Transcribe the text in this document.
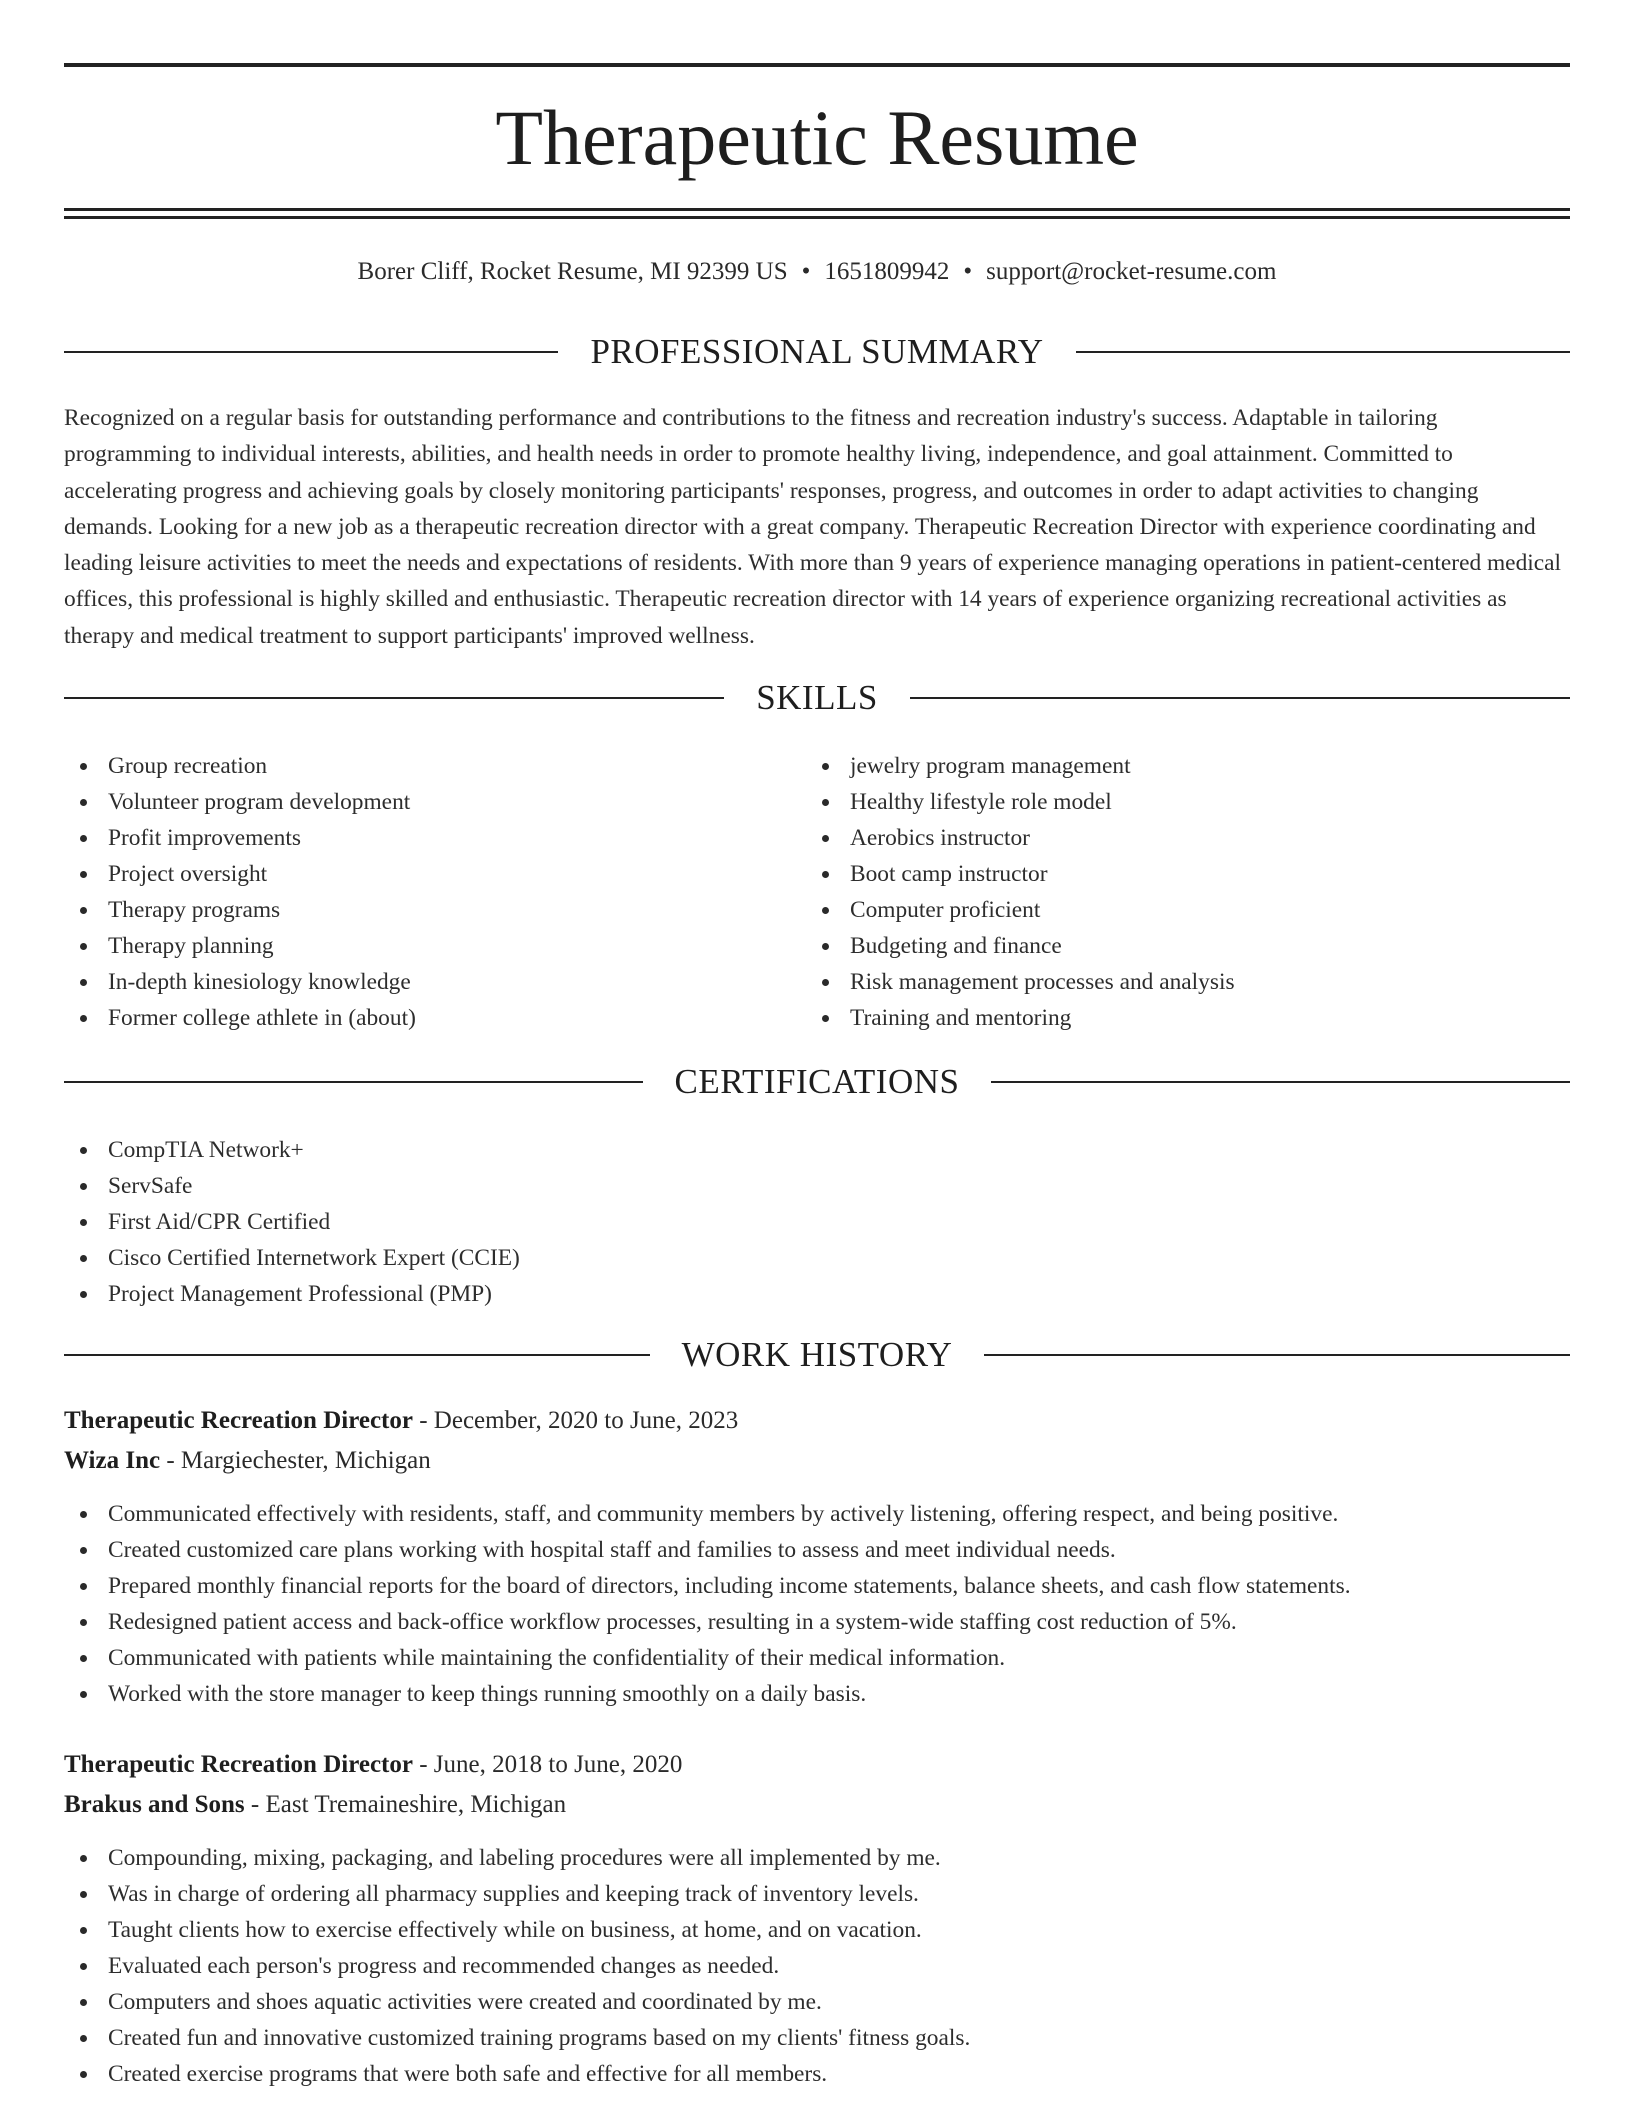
Therapeutic Resume
Borer Cliff, Rocket Resume, MI 92399 US • 1651809942 • support@rocket-resume.com
PROFESSIONAL SUMMARY

Recognized on a regular basis for outstanding performance and contributions to the fitness and recreation industry's success. Adaptable in tailoring programming to individual interests, abilities, and health needs in order to promote healthy living, independence, and goal attainment. Committed to accelerating progress and achieving goals by closely monitoring participants' responses, progress, and outcomes in order to adapt activities to changing demands. Looking for a new job as a therapeutic recreation director with a great company. Therapeutic Recreation Director with experience coordinating and leading leisure activities to meet the needs and expectations of residents. With more than 9 years of experience managing operations in patient-centered medical offices, this professional is highly skilled and enthusiastic. Therapeutic recreation director with 14 years of experience organizing recreational activities as therapy and medical treatment to support participants' improved wellness.

SKILLS
Group recreation
Volunteer program development
Profit improvements
Project oversight
Therapy programs
Therapy planning
In-depth kinesiology knowledge
Former college athlete in (about)
jewelry program management
Healthy lifestyle role model
Aerobics instructor
Boot camp instructor
Computer proficient
Budgeting and finance
Risk management processes and analysis
Training and mentoring
CERTIFICATIONS
CompTIA Network+
ServSafe
First Aid/CPR Certified
Cisco Certified Internetwork Expert (CCIE)
Project Management Professional (PMP)
WORK HISTORY
Therapeutic Recreation Director - December, 2020 to June, 2023
Wiza Inc - Margiechester, Michigan
Communicated effectively with residents, staff, and community members by actively listening, offering respect, and being positive.
Created customized care plans working with hospital staff and families to assess and meet individual needs.
Prepared monthly financial reports for the board of directors, including income statements, balance sheets, and cash flow statements.
Redesigned patient access and back-office workflow processes, resulting in a system-wide staffing cost reduction of 5%.
Communicated with patients while maintaining the confidentiality of their medical information.
Worked with the store manager to keep things running smoothly on a daily basis.
Therapeutic Recreation Director - June, 2018 to June, 2020
Brakus and Sons - East Tremaineshire, Michigan
Compounding, mixing, packaging, and labeling procedures were all implemented by me.
Was in charge of ordering all pharmacy supplies and keeping track of inventory levels.
Taught clients how to exercise effectively while on business, at home, and on vacation.
Evaluated each person's progress and recommended changes as needed.
Computers and shoes aquatic activities were created and coordinated by me.
Created fun and innovative customized training programs based on my clients' fitness goals.
Created exercise programs that were both safe and effective for all members.
